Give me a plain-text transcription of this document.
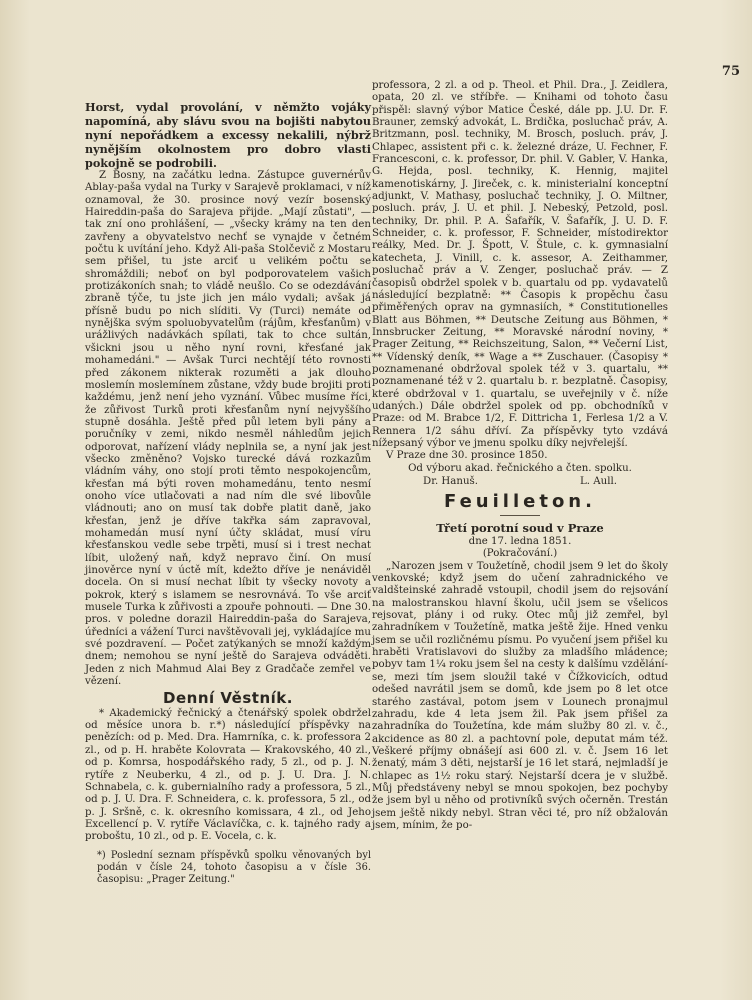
75

Horst, vydal provolání, v němžto vojáky napomíná, aby slávu svou na bojišti nabytou nyní nepořádkem a excessy nekalili, nýbrž nynějším okolnostem pro dobro vlasti pokojně se podrobili.

Z Bosny, na začátku ledna. Zástupce guvernérův Ablay-paša vydal na Turky v Sarajevě proklamaci, v níž oznamoval, že 30. prosince nový vezír bosenský Haireddin-paša do Sarajeva přijde. „Mají zůstati", — tak zní ono prohlášení, — „všecky krámy na ten den zavřeny a obyvatelstvo nechť se vynajde v četném počtu k uvítání jeho. Když Ali-paša Stolčevič z Mostaru sem přišel, tu jste arciť u velikém počtu se shromáždili; neboť on byl podporovatelem vašich protizákoních snah; to vládě neušlo. Co se odezdávání zbraně týče, tu jste jich jen málo vydali; avšak já přísně budu po nich slíditi. Vy (Turci) nemáte od nynějška svým spoluobyvatelům (rájům, křesťanům) v urážlivých nadávkách spílati, tak to chce sultán, všickni jsou u něho nyní rovni, křesťané jak mohamedáni." — Avšak Turci nechtějí této rovnosti před zákonem nikterak rozuměti a jak dlouho moslemín moslemínem zůstane, vždy bude brojiti proti každému, jenž není jeho vyznání. Vůbec musíme říci, že zůřivost Turků proti křesťanům nyní nejvyššího stupně dosáhla. Ještě před půl letem byli pány a poručníky v zemi, nikdo nesměl náhledům jejich odporovat, nařízení vlády neplnila se, a nyní jak jest všecko změněno? Vojsko turecké dává rozkazům vládním váhy, ono stojí proti těmto nespokojencům, křesťan má býti roven mohamedánu, tento nesmí onoho více utlačovati a nad ním dle své libovůle vládnouti; ano on musí tak dobře platit daně, jako křesťan, jenž je dříve takřka sám zapravoval, mohamedán musí nyní účty skládat, musí víru křesťanskou vedle sebe trpěti, musí si i trest nechat líbit, uložený naň, když nepravo činí. On musí jinověrce nyní v úctě mít, kdežto dříve je nenáviděl docela. On si musí nechat líbit ty všecky novoty a pokrok, který s islamem se nesrovnává. To vše arciť musele Turka k zůřivosti a zpouře pohnouti. — Dne 30. pros. v poledne dorazil Haireddin-paša do Sarajeva, úředníci a vážení Turci navštěvovali jej, vykládajíce mu své pozdravení. — Počet zatýkaných se množí každým dnem; nemohou se nyní ještě do Sarajeva odváděti. Jeden z nich Mahmud Alai Bey z Gradčače zemřel ve vězení.

Denní Věstník.

* Akademický řečnický a čtenářský spolek obdržel od měsíce unora b. r.*) následující příspěvky na penězích: od p. Med. Dra. Hamrníka, c. k. professora 2 zl., od p. H. hraběte Kolovrata — Krakovského, 40 zl., od p. Komrsa, hospodářského rady, 5 zl., od p. J. N. rytíře z Neuberku, 4 zl., od p. J. U. Dra. J. N. Schnabela, c. k. gubernialního rady a professora, 5 zl., od p. J. U. Dra. F. Schneidera, c. k. professora, 5 zl., od p. J. Sršně, c. k. okresního komissara, 4 zl., od Jeho Excellencí p. V. rytíře Václavíčka, c. k. tajného rady a proboštu, 10 zl., od p. E. Vocela, c. k.

*) Poslední seznam příspěvků spolku věnovaných byl podán v čísle 24, tohoto časopisu a v čísle 36. časopisu: „Prager Zeitung."

professora, 2 zl. a od p. Theol. et Phil. Dra., J. Zeidlera, opata, 20 zl. ve stříbře. — Knihami od tohoto času přispěl: slavný výbor Matice České, dále pp. J.U. Dr. F. Brauner, zemský advokát, L. Brdička, posluchač práv, A. Britzmann, posl. techniky, M. Brosch, posluch. práv, J. Chlapec, assistent při c. k. železné dráze, U. Fechner, F. Francesconi, c. k. professor, Dr. phil. V. Gabler, V. Hanka, G. Hejda, posl. techniky, K. Hennig, majitel kamenotiskárny, J. Jireček, c. k. ministerialní konceptní adjunkt, V. Mathasy, posluchač techniky, J. O. Miltner, posluch. práv, J. U. et phil. J. Nebeský, Petzold, posl. techniky, Dr. phil. P. A. Šafařík, V. Šafařík, J. U. D. F. Schneider, c. k. professor, F. Schneider, místodirektor reálky, Med. Dr. J. Špott, V. Štule, c. k. gymnasialní katecheta, J. Vinill, c. k. assesor, A. Zeithammer, posluchač práv a V. Zenger, posluchač práv. — Z časopisů obdržel spolek v b. quartalu od pp. vydavatelů následující bezplatně: ** Časopis k propěchu času přiměřených oprav na gymnasiích, * Constitutionelles Blatt aus Böhmen, ** Deutsche Zeitung aus Böhmen, * Innsbrucker Zeitung, ** Moravské národní noviny, * Prager Zeitung, ** Reichszeitung, Salon, ** Večerní List, ** Vídenský deník, ** Wage a ** Zuschauer. (Časopisy * poznamenané obdržoval spolek též v 3. quartalu, ** poznamenané též v 2. quartalu b. r. bezplatně. Časopisy, které obdržoval v 1. quartalu, se uveřejnily v č. níže udaných.) Dále obdržel spolek od pp. obchodníků v Praze: od M. Brabce 1/2, F. Dittricha 1, Ferlesa 1/2 a V. Rennera 1/2 sáhu dříví. Za příspěvky tyto vzdává nížepsaný výbor ve jmenu spolku díky nejvřelejší.

V Praze dne 30. prosince 1850.

Od výboru akad. řečnického a čten. spolku.

Dr. Hanuš.	L. Aull.
Feuilleton.
Třetí porotní soud v Praze

dne 17. ledna 1851.

(Pokračování.)

„Narozen jsem v Toužetíně, chodil jsem 9 let do školy venkovské; když jsem do učení zahradnického ve valdšteinské zahradě vstoupil, chodil jsem do rejsování na malostranskou hlavní školu, učil jsem se všelicos rejsovat, plány i od ruky. Otec můj již zemřel, byl zahradníkem v Toužetíně, matka ještě žije. Hned venku jsem se učil rozličnému písmu. Po vyučení jsem přišel ku hraběti Vratislavovi do služby za mladšího mládence; pobyv tam 1¼ roku jsem šel na cesty k dalšímu vzdělání-se, mezi tím jsem sloužil také v Čížkovicích, odtud odešed navrátil jsem se domů, kde jsem po 8 let otce starého zastával, potom jsem v Lounech pronajmul zahradu, kde 4 leta jsem žil. Pak jsem přišel za zahradníka do Toužetína, kde mám služby 80 zl. v. č., akcidence as 80 zl. a pachtovní pole, deputat mám též. Veškeré příjmy obnášejí asi 600 zl. v. č. Jsem 16 let ženatý, mám 3 děti, nejstarší je 16 let stará, nejmladší je chlapec as 1½ roku starý. Nejstarší dcera je v službě. Můj předstáveny nebyl se mnou spokojen, bez pochyby že jsem byl u něho od protivníků svých očerněn. Trestán jsem ještě nikdy nebyl. Stran věci té, pro níž obžalován jsem, mínim, že po-
